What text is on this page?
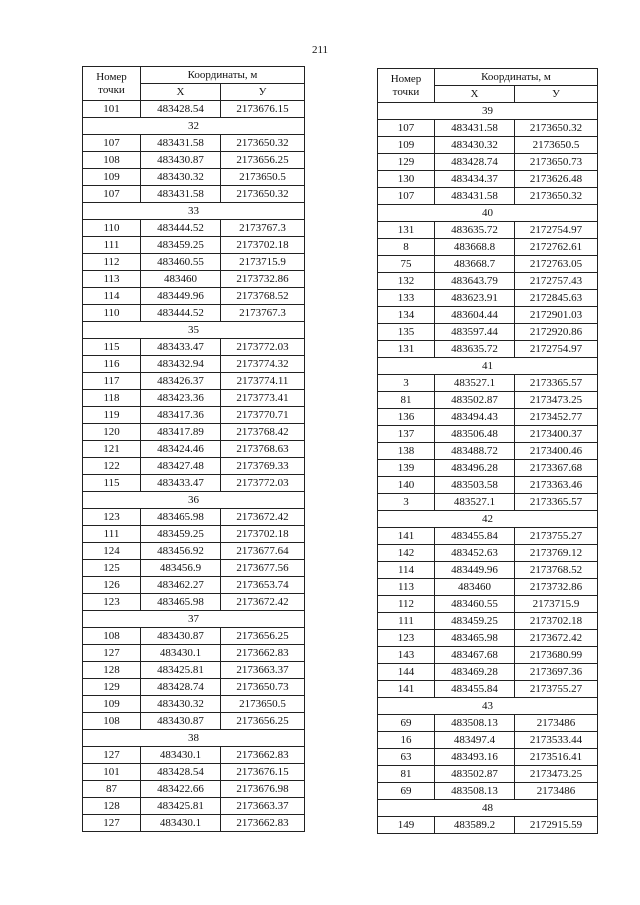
211
Номер точки	Координаты, м	
	X	У
101	483428.54	2173676.15
32		
107	483431.58	2173650.32
108	483430.87	2173656.25
109	483430.32	2173650.5
107	483431.58	2173650.32
33		
110	483444.52	2173767.3
111	483459.25	2173702.18
112	483460.55	2173715.9
113	483460	2173732.86
114	483449.96	2173768.52
110	483444.52	2173767.3
35		
115	483433.47	2173772.03
116	483432.94	2173774.32
117	483426.37	2173774.11
118	483423.36	2173773.41
119	483417.36	2173770.71
120	483417.89	2173768.42
121	483424.46	2173768.63
122	483427.48	2173769.33
115	483433.47	2173772.03
36		
123	483465.98	2173672.42
111	483459.25	2173702.18
124	483456.92	2173677.64
125	483456.9	2173677.56
126	483462.27	2173653.74
123	483465.98	2173672.42
37		
108	483430.87	2173656.25
127	483430.1	2173662.83
128	483425.81	2173663.37
129	483428.74	2173650.73
109	483430.32	2173650.5
108	483430.87	2173656.25
38		
127	483430.1	2173662.83
101	483428.54	2173676.15
87	483422.66	2173676.98
128	483425.81	2173663.37
127	483430.1	2173662.83
Номер точки	Координаты, м	
	X	У
39		
107	483431.58	2173650.32
109	483430.32	2173650.5
129	483428.74	2173650.73
130	483434.37	2173626.48
107	483431.58	2173650.32
40		
131	483635.72	2172754.97
8	483668.8	2172762.61
75	483668.7	2172763.05
132	483643.79	2172757.43
133	483623.91	2172845.63
134	483604.44	2172901.03
135	483597.44	2172920.86
131	483635.72	2172754.97
41		
3	483527.1	2173365.57
81	483502.87	2173473.25
136	483494.43	2173452.77
137	483506.48	2173400.37
138	483488.72	2173400.46
139	483496.28	2173367.68
140	483503.58	2173363.46
3	483527.1	2173365.57
42		
141	483455.84	2173755.27
142	483452.63	2173769.12
114	483449.96	2173768.52
113	483460	2173732.86
112	483460.55	2173715.9
111	483459.25	2173702.18
123	483465.98	2173672.42
143	483467.68	2173680.99
144	483469.28	2173697.36
141	483455.84	2173755.27
43		
69	483508.13	2173486
16	483497.4	2173533.44
63	483493.16	2173516.41
81	483502.87	2173473.25
69	483508.13	2173486
48		
149	483589.2	2172915.59
